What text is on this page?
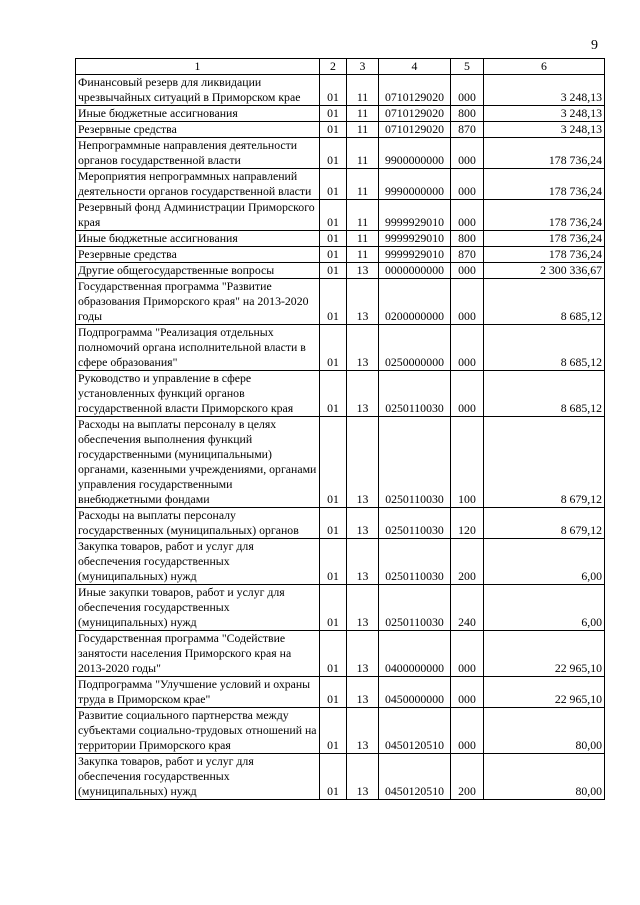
9
1	2	3	4	5	6
Финансовый резерв для ликвидации чрезвычайных ситуаций в Приморском крае	01	11	0710129020	000	3 248,13
Иные бюджетные ассигнования	01	11	0710129020	800	3 248,13
Резервные средства	01	11	0710129020	870	3 248,13
Непрограммные направления деятельности органов государственной власти	01	11	9900000000	000	178 736,24
Мероприятия непрограммных направлений деятельности органов государственной власти	01	11	9990000000	000	178 736,24
Резервный фонд Администрации Приморского края	01	11	9999929010	000	178 736,24
Иные бюджетные ассигнования	01	11	9999929010	800	178 736,24
Резервные средства	01	11	9999929010	870	178 736,24
Другие общегосударственные вопросы	01	13	0000000000	000	2 300 336,67
Государственная программа "Развитие образования Приморского края" на 2013-2020 годы	01	13	0200000000	000	8 685,12
Подпрограмма "Реализация отдельных полномочий органа исполнительной власти в сфере образования"	01	13	0250000000	000	8 685,12
Руководство и управление в сфере установленных функций органов государственной власти Приморского края	01	13	0250110030	000	8 685,12
Расходы на выплаты персоналу в целях обеспечения выполнения функций государственными (муниципальными) органами, казенными учреждениями, органами управления государственными внебюджетными фондами	01	13	0250110030	100	8 679,12
Расходы на выплаты персоналу государственных (муниципальных) органов	01	13	0250110030	120	8 679,12
Закупка товаров, работ и услуг для обеспечения государственных (муниципальных) нужд	01	13	0250110030	200	6,00
Иные закупки товаров, работ и услуг для обеспечения государственных (муниципальных) нужд	01	13	0250110030	240	6,00
Государственная программа "Содействие занятости населения Приморского края на 2013-2020 годы"	01	13	0400000000	000	22 965,10
Подпрограмма "Улучшение условий и охраны труда в Приморском крае"	01	13	0450000000	000	22 965,10
Развитие социального партнерства между субъектами социально-трудовых отношений на территории Приморского края	01	13	0450120510	000	80,00
Закупка товаров, работ и услуг для обеспечения государственных (муниципальных) нужд	01	13	0450120510	200	80,00
